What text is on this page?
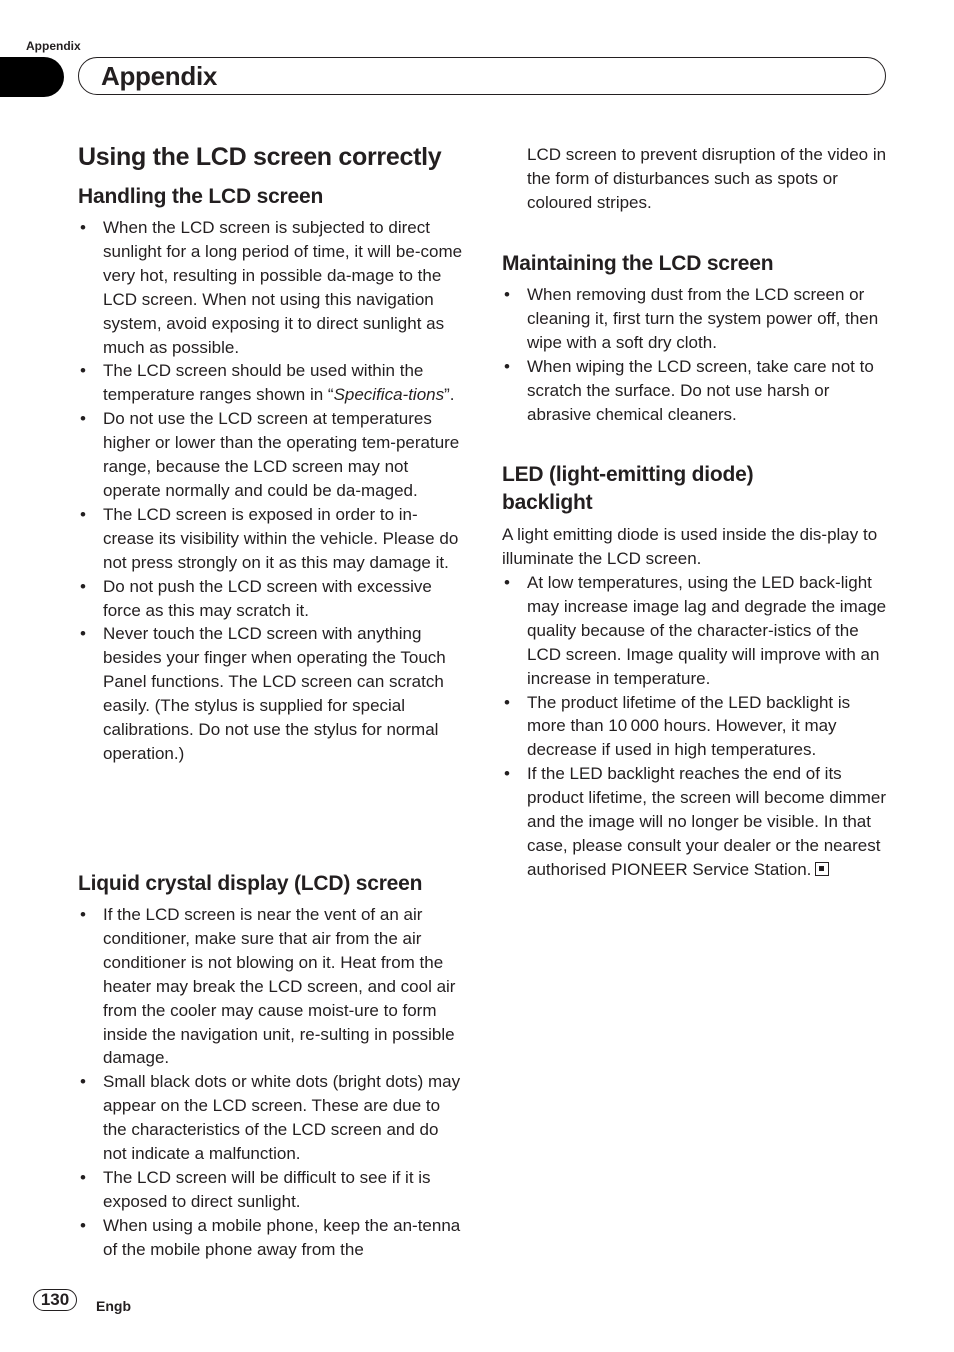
Appendix
Appendix
Using the LCD screen correctly
Handling the LCD screen
• When the LCD screen is subjected to direct sunlight for a long period of time, it will be-come very hot, resulting in possible da-mage to the LCD screen. When not using this navigation system, avoid exposing it to direct sunlight as much as possible.
• The LCD screen should be used within the temperature ranges shown in “Specifica-tions”.
• Do not use the LCD screen at temperatures higher or lower than the operating tem-perature range, because the LCD screen may not operate normally and could be da-maged.
• The LCD screen is exposed in order to in-crease its visibility within the vehicle. Please do not press strongly on it as this may damage it.
• Do not push the LCD screen with excessive force as this may scratch it.
• Never touch the LCD screen with anything besides your finger when operating the Touch Panel functions. The LCD screen can scratch easily. (The stylus is supplied for special calibrations. Do not use the stylus for normal operation.)
Liquid crystal display (LCD) screen
• If the LCD screen is near the vent of an air conditioner, make sure that air from the air conditioner is not blowing on it. Heat from the heater may break the LCD screen, and cool air from the cooler may cause moist-ure to form inside the navigation unit, re-sulting in possible damage.
• Small black dots or white dots (bright dots) may appear on the LCD screen. These are due to the characteristics of the LCD screen and do not indicate a malfunction.
• The LCD screen will be difficult to see if it is exposed to direct sunlight.
• When using a mobile phone, keep the an-tenna of the mobile phone away from the

LCD screen to prevent disruption of the video in the form of disturbances such as spots or coloured stripes.

Maintaining the LCD screen
• When removing dust from the LCD screen or cleaning it, first turn the system power off, then wipe with a soft dry cloth.
• When wiping the LCD screen, take care not to scratch the surface. Do not use harsh or abrasive chemical cleaners.
LED (light-emitting diode)
backlight

A light emitting diode is used inside the dis-play to illuminate the LCD screen.

• At low temperatures, using the LED back-light may increase image lag and degrade the image quality because of the character-istics of the LCD screen. Image quality will improve with an increase in temperature.
• The product lifetime of the LED backlight is more than 10 000 hours. However, it may decrease if used in high temperatures.
• If the LED backlight reaches the end of its product lifetime, the screen will become dimmer and the image will no longer be visible. In that case, please consult your dealer or the nearest authorised PIONEER Service Station.
130	Engb
